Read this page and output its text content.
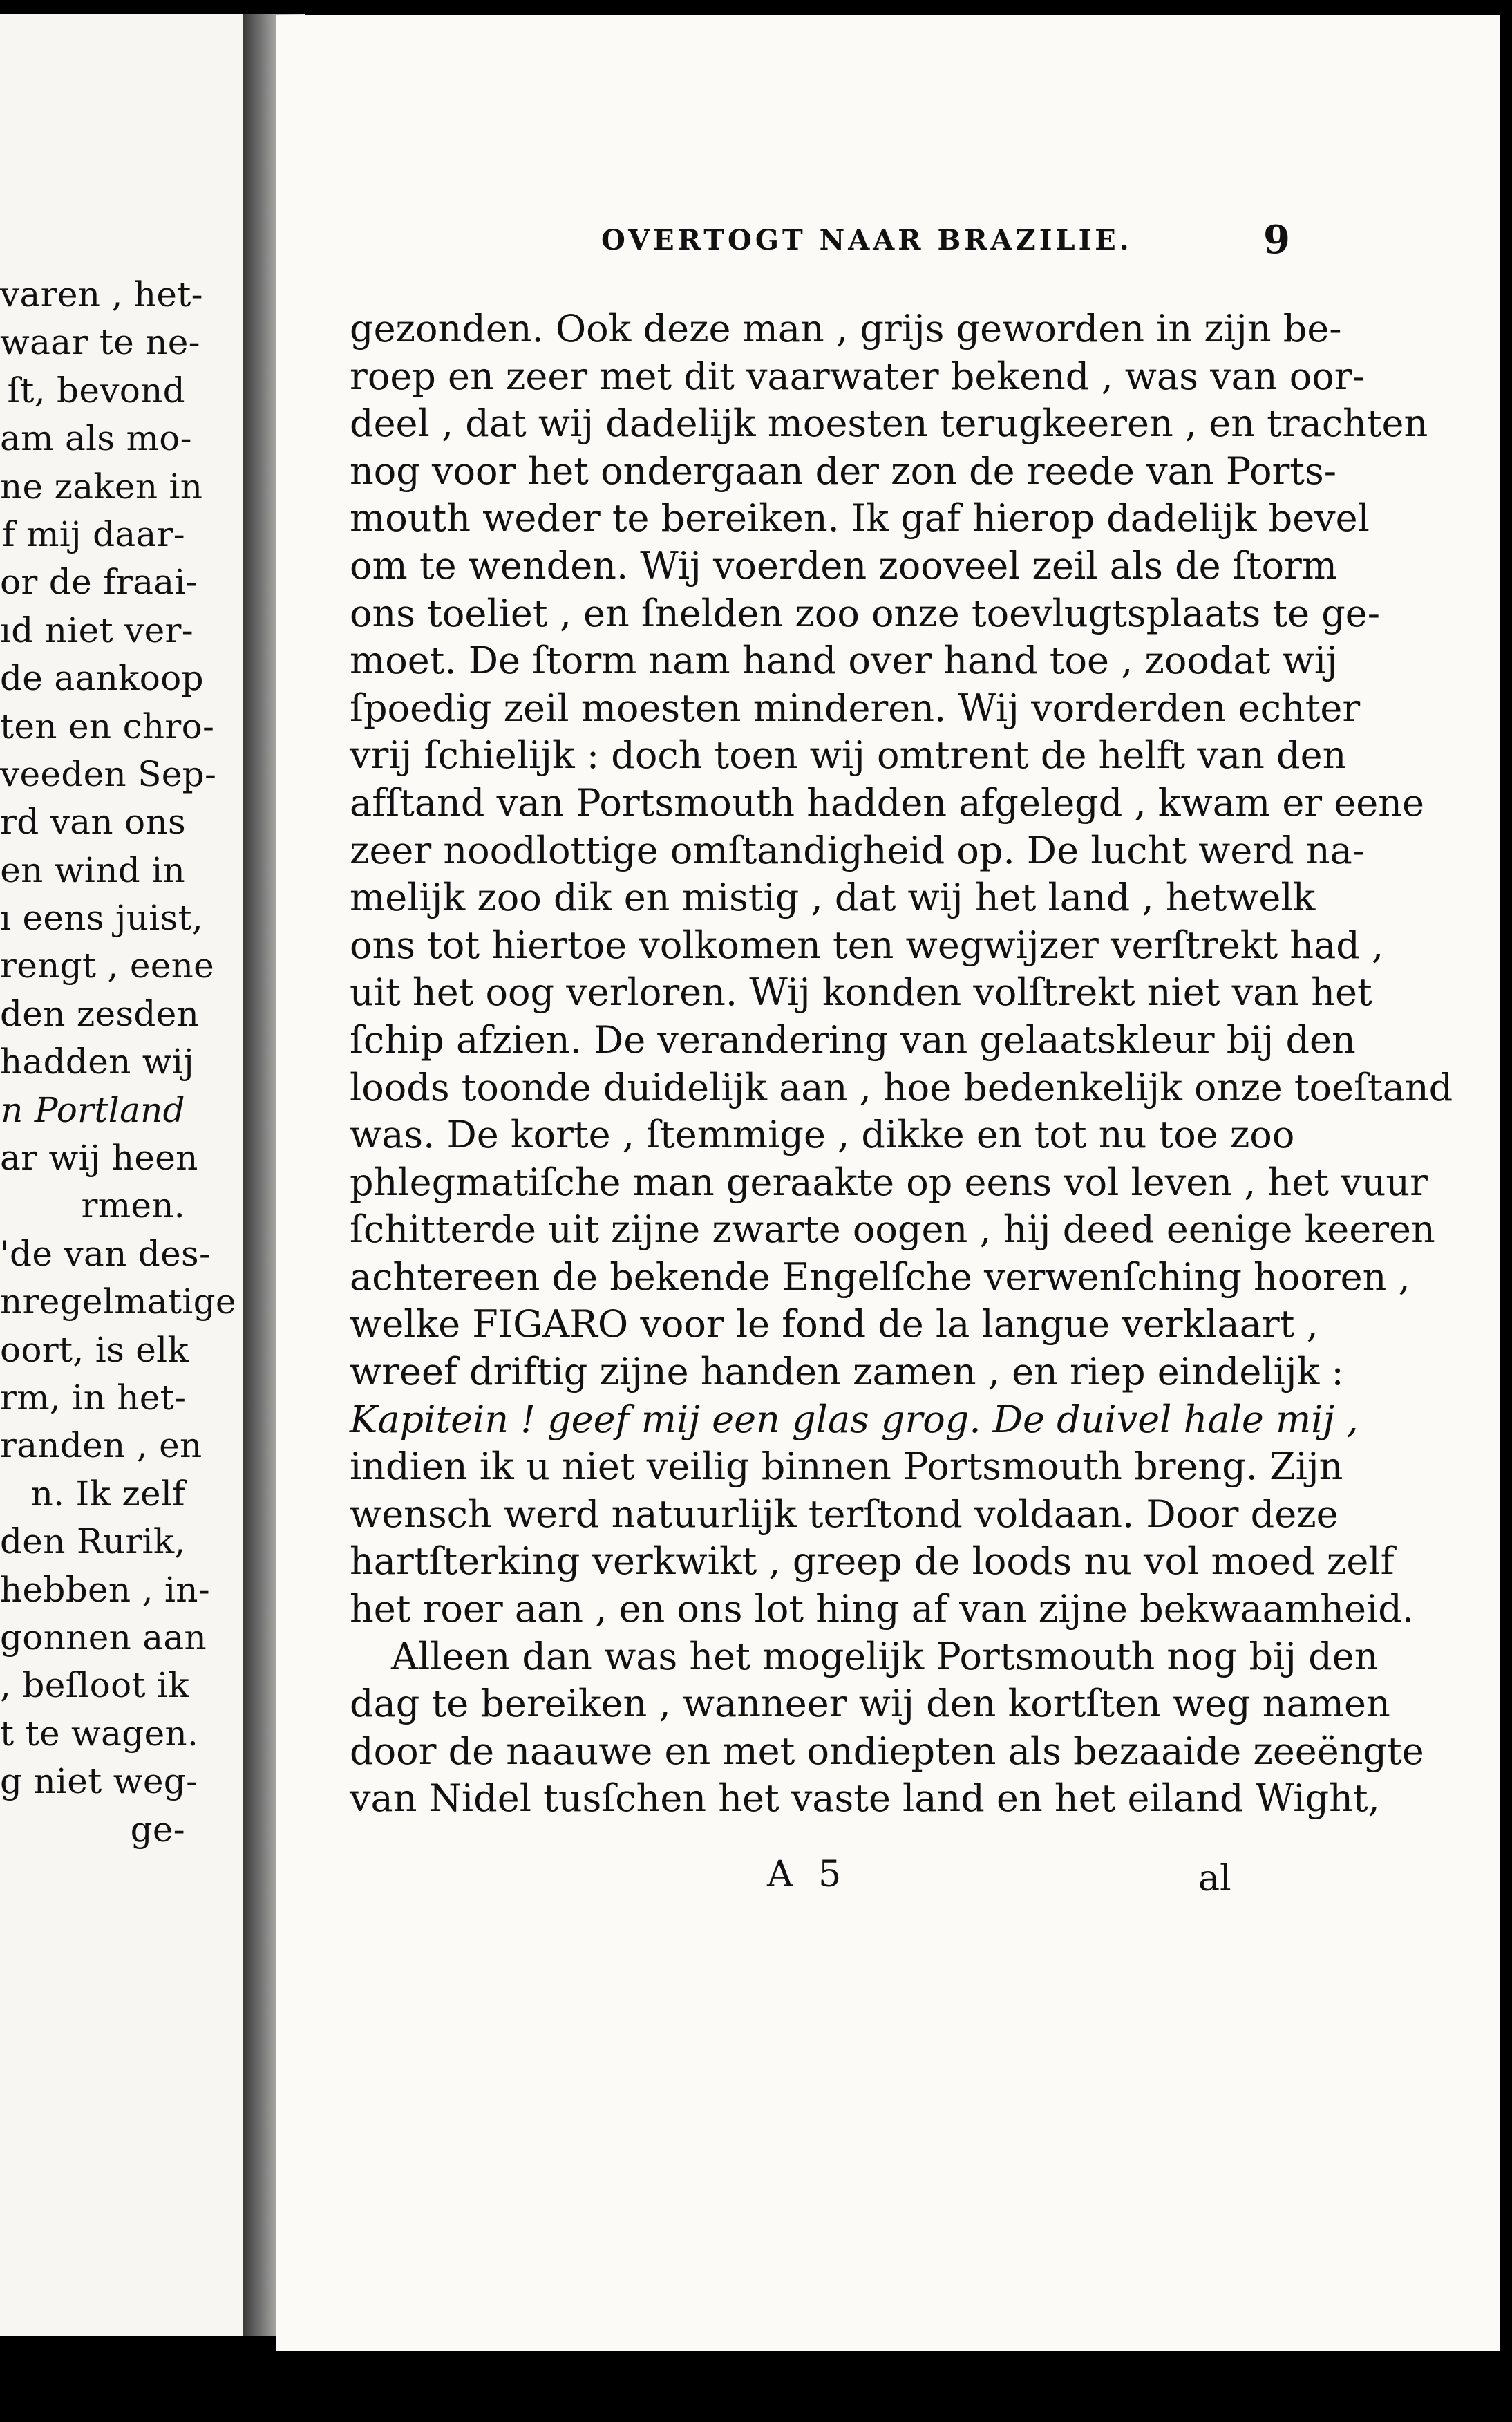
varen , het-
waar te ne-
ſt, bevond
am als mo-
ne zaken in
f mij daar-
or de fraai-
ıd niet ver-
de aankoop
ten en chro-
veeden Sep-
rd van ons
en wind in
ı eens juist,
rengt , eene
den zesden
hadden wij
n Portland
ar wij heen
rmen.
'de van des-
nregelmatige
oort, is elk
rm, in het-
randen , en
n. Ik zelf
den Rurik,
hebben , in-
gonnen aan
, beſloot ik
t te wagen.
g niet weg-
ge-
OVERTOGT NAAR BRAZILIE.	9
gezonden. Ook deze man , grijs geworden in zijn be-
roep en zeer met dit vaarwater bekend , was van oor-
deel , dat wij dadelijk moesten terugkeeren , en trachten
nog voor het ondergaan der zon de reede van Ports-
mouth weder te bereiken. Ik gaf hierop dadelijk bevel
om te wenden. Wij voerden zooveel zeil als de ſtorm
ons toeliet , en ſnelden zoo onze toevlugtsplaats te ge-
moet. De ſtorm nam hand over hand toe , zoodat wij
ſpoedig zeil moesten minderen. Wij vorderden echter
vrij ſchielijk : doch toen wij omtrent de helft van den
afſtand van Portsmouth hadden afgelegd , kwam er eene
zeer noodlottige omſtandigheid op. De lucht werd na-
melijk zoo dik en mistig , dat wij het land , hetwelk
ons tot hiertoe volkomen ten wegwijzer verſtrekt had ,
uit het oog verloren. Wij konden volſtrekt niet van het
ſchip afzien. De verandering van gelaatskleur bij den
loods toonde duidelijk aan , hoe bedenkelijk onze toeſtand
was. De korte , ſtemmige , dikke en tot nu toe zoo
phlegmatiſche man geraakte op eens vol leven , het vuur
ſchitterde uit zijne zwarte oogen , hij deed eenige keeren
achtereen de bekende Engelſche verwenſching hooren ,
welke FIGARO voor le fond de la langue verklaart ,
wreef driftig zijne handen zamen , en riep eindelijk :
Kapitein ! geef mij een glas grog. De duivel hale mij ,
indien ik u niet veilig binnen Portsmouth breng. Zijn
wensch werd natuurlijk terſtond voldaan. Door deze
hartſterking verkwikt , greep de loods nu vol moed zelf
het roer aan , en ons lot hing af van zijne bekwaamheid.
Alleen dan was het mogelijk Portsmouth nog bij den
dag te bereiken , wanneer wij den kortſten weg namen
door de naauwe en met ondiepten als bezaaide zeeëngte
van Nidel tusſchen het vaste land en het eiland Wight,
A 5	al
